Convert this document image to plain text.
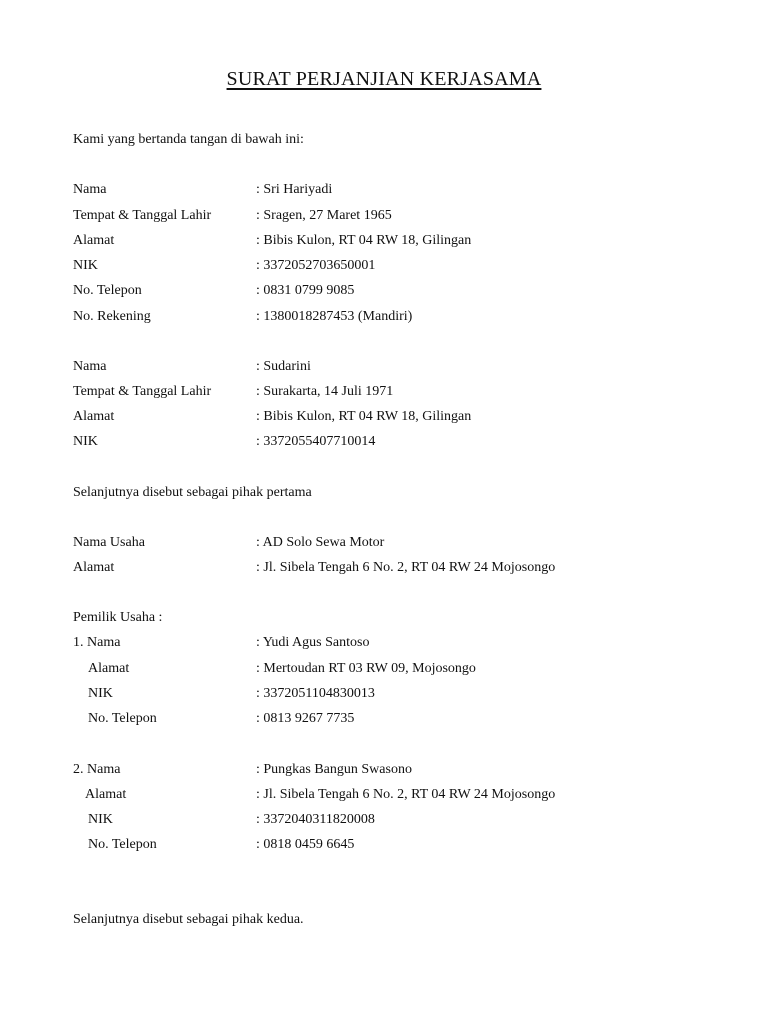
SURAT PERJANJIAN KERJASAMA
Kami yang bertanda tangan di bawah ini:
Nama	: Sri Hariyadi
Tempat & Tanggal Lahir	: Sragen, 27 Maret 1965
Alamat	: Bibis Kulon, RT 04 RW 18, Gilingan
NIK	: 3372052703650001
No. Telepon	: 0831 0799 9085
No. Rekening	: 1380018287453 (Mandiri)
Nama	: Sudarini
Tempat & Tanggal Lahir	: Surakarta, 14 Juli 1971
Alamat	: Bibis Kulon, RT 04 RW 18, Gilingan
NIK	: 3372055407710014
Selanjutnya disebut sebagai pihak pertama
Nama Usaha	: AD Solo Sewa Motor
Alamat	: Jl. Sibela Tengah 6 No. 2, RT 04 RW 24 Mojosongo
Pemilik Usaha :
1. Nama	: Yudi Agus Santoso
Alamat	: Mertoudan RT 03 RW 09, Mojosongo
NIK	: 3372051104830013
No. Telepon	: 0813 9267 7735
2. Nama	: Pungkas Bangun Swasono
Alamat	: Jl. Sibela Tengah 6 No. 2, RT 04 RW 24 Mojosongo
NIK	: 3372040311820008
No. Telepon	: 0818 0459 6645
Selanjutnya disebut sebagai pihak kedua.
